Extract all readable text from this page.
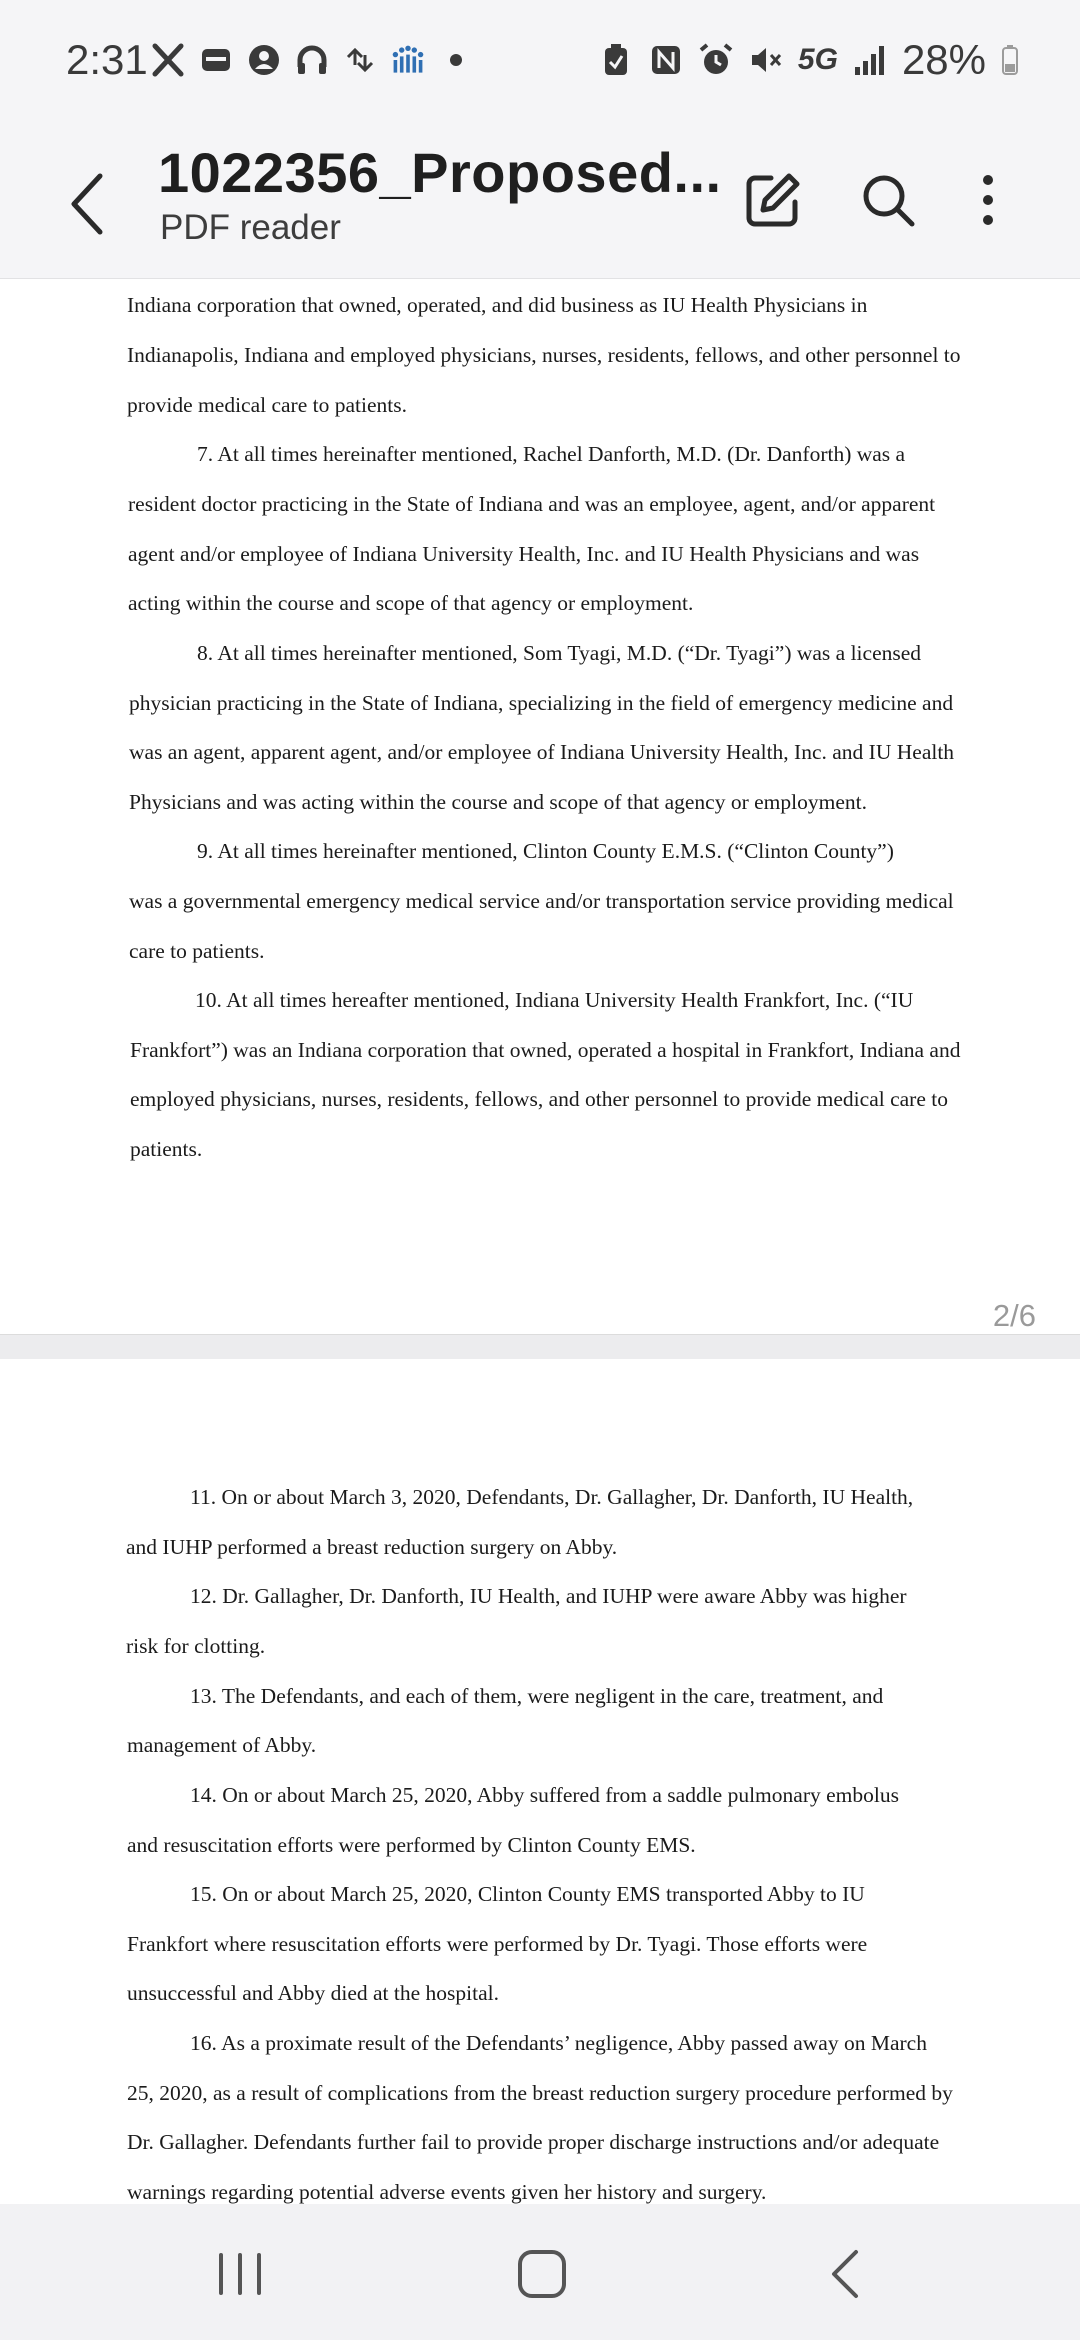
2:31	5G 28%
1022356_Proposed...
PDF reader
Indiana corporation that owned, operated, and did business as IU Health Physicians in
Indianapolis, Indiana and employed physicians, nurses, residents, fellows, and other personnel to
provide medical care to patients.
7. At all times hereinafter mentioned, Rachel Danforth, M.D. (Dr. Danforth) was a
resident doctor practicing in the State of Indiana and was an employee, agent, and/or apparent
agent and/or employee of Indiana University Health, Inc. and IU Health Physicians and was
acting within the course and scope of that agency or employment.
8. At all times hereinafter mentioned, Som Tyagi, M.D. (“Dr. Tyagi”) was a licensed
physician practicing in the State of Indiana, specializing in the field of emergency medicine and
was an agent, apparent agent, and/or employee of Indiana University Health, Inc. and IU Health
Physicians and was acting within the course and scope of that agency or employment.
9. At all times hereinafter mentioned, Clinton County E.M.S. (“Clinton County”)
was a governmental emergency medical service and/or transportation service providing medical
care to patients.
10. At all times hereafter mentioned, Indiana University Health Frankfort, Inc. (“IU
Frankfort”) was an Indiana corporation that owned, operated a hospital in Frankfort, Indiana and
employed physicians, nurses, residents, fellows, and other personnel to provide medical care to
patients.
2/6
11. On or about March 3, 2020, Defendants, Dr. Gallagher, Dr. Danforth, IU Health,
and IUHP performed a breast reduction surgery on Abby.
12. Dr. Gallagher, Dr. Danforth, IU Health, and IUHP were aware Abby was higher
risk for clotting.
13. The Defendants, and each of them, were negligent in the care, treatment, and
management of Abby.
14. On or about March 25, 2020, Abby suffered from a saddle pulmonary embolus
and resuscitation efforts were performed by Clinton County EMS.
15. On or about March 25, 2020, Clinton County EMS transported Abby to IU
Frankfort where resuscitation efforts were performed by Dr. Tyagi. Those efforts were
unsuccessful and Abby died at the hospital.
16. As a proximate result of the Defendants’ negligence, Abby passed away on March
25, 2020, as a result of complications from the breast reduction surgery procedure performed by
Dr. Gallagher. Defendants further fail to provide proper discharge instructions and/or adequate
warnings regarding potential adverse events given her history and surgery.
